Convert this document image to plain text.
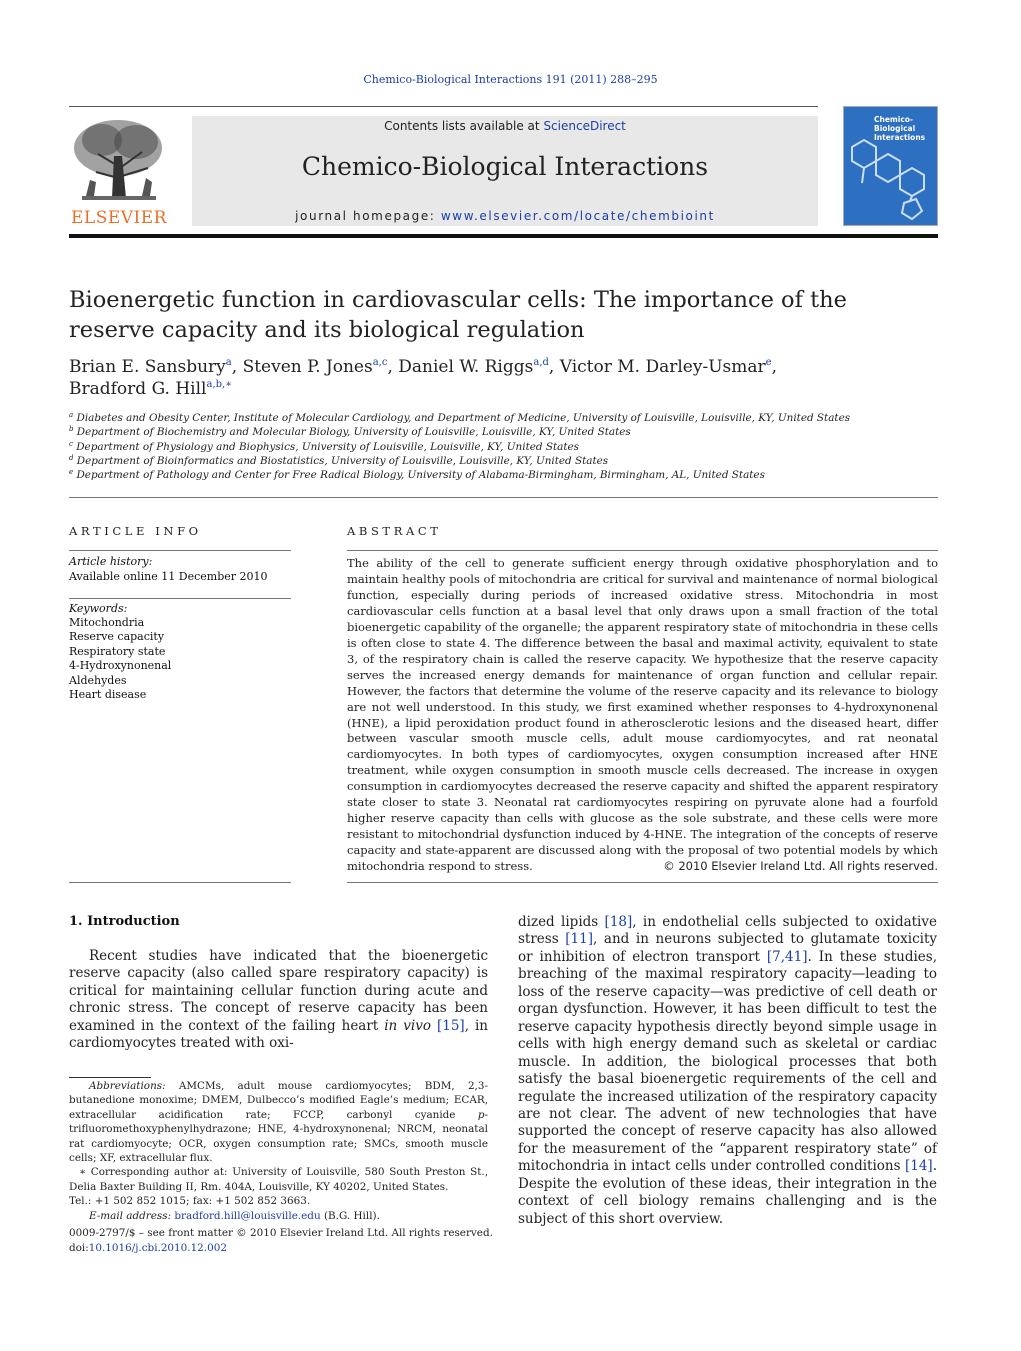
Chemico-Biological Interactions 191 (2011) 288–295
ELSEVIER
Contents lists available at ScienceDirect
Chemico-Biological Interactions
journal homepage: www.elsevier.com/locate/chembioint
Chemico-Biological Interactions
Bioenergetic function in cardiovascular cells: The importance of the reserve capacity and its biological regulation
Brian E. Sansbury$^a$, Steven P. Jones$^{a,c}$, Daniel W. Riggs$^{a,d}$, Victor M. Darley-Usmar$^e$,
Bradford G. Hill$^{a,b,∗}$
$^a$ Diabetes and Obesity Center, Institute of Molecular Cardiology, and Department of Medicine, University of Louisville, Louisville, KY, United States
$^b$ Department of Biochemistry and Molecular Biology, University of Louisville, Louisville, KY, United States
$^c$ Department of Physiology and Biophysics, University of Louisville, Louisville, KY, United States
$^d$ Department of Bioinformatics and Biostatistics, University of Louisville, Louisville, KY, United States
$^e$ Department of Pathology and Center for Free Radical Biology, University of Alabama-Birmingham, Birmingham, AL, United States
ARTICLE INFO	ABSTRACT
Article history:
Available online 11 December 2010
Keywords:
Mitochondria
Reserve capacity
Respiratory state
4-Hydroxynonenal
Aldehydes
Heart disease
The ability of the cell to generate sufficient energy through oxidative phosphorylation and to maintain healthy pools of mitochondria are critical for survival and maintenance of normal biological function, especially during periods of increased oxidative stress. Mitochondria in most cardiovascular cells function at a basal level that only draws upon a small fraction of the total bioenergetic capability of the organelle; the apparent respiratory state of mitochondria in these cells is often close to state 4. The difference between the basal and maximal activity, equivalent to state 3, of the respiratory chain is called the reserve capacity. We hypothesize that the reserve capacity serves the increased energy demands for maintenance of organ function and cellular repair. However, the factors that determine the volume of the reserve capacity and its relevance to biology are not well understood. In this study, we first examined whether responses to 4-hydroxynonenal (HNE), a lipid peroxidation product found in atherosclerotic lesions and the diseased heart, differ between vascular smooth muscle cells, adult mouse cardiomyocytes, and rat neonatal cardiomyocytes. In both types of cardiomyocytes, oxygen consumption increased after HNE treatment, while oxygen consumption in smooth muscle cells decreased. The increase in oxygen consumption in cardiomyocytes decreased the reserve capacity and shifted the apparent respiratory state closer to state 3. Neonatal rat cardiomyocytes respiring on pyruvate alone had a fourfold higher reserve capacity than cells with glucose as the sole substrate, and these cells were more resistant to mitochondrial dysfunction induced by 4-HNE. The integration of the concepts of reserve capacity and state-apparent are discussed along with the proposal of two potential models by which mitochondria respond to stress.	© 2010 Elsevier Ireland Ltd. All rights reserved.
1. Introduction
Recent studies have indicated that the bioenergetic reserve capacity (also called spare respiratory capacity) is critical for maintaining cellular function during acute and chronic stress. The concept of reserve capacity has been examined in the context of the failing heart in vivo [15], in cardiomyocytes treated with oxi-
dized lipids [18], in endothelial cells subjected to oxidative stress [11], and in neurons subjected to glutamate toxicity or inhibition of electron transport [7,41]. In these studies, breaching of the maximal respiratory capacity—leading to loss of the reserve capacity—was predictive of cell death or organ dysfunction. However, it has been difficult to test the reserve capacity hypothesis directly beyond simple usage in cells with high energy demand such as skeletal or cardiac muscle. In addition, the biological processes that both satisfy the basal bioenergetic requirements of the cell and regulate the increased utilization of the respiratory capacity are not clear. The advent of new technologies that have supported the concept of reserve capacity has also allowed for the measurement of the “apparent respiratory state” of mitochondria in intact cells under controlled conditions [14]. Despite the evolution of these ideas, their integration in the context of cell biology remains challenging and is the subject of this short overview.
Abbreviations: AMCMs, adult mouse cardiomyocytes; BDM, 2,3-butanedione monoxime; DMEM, Dulbecco’s modified Eagle’s medium; ECAR, extracellular acidification rate; FCCP, carbonyl cyanide p-trifluoromethoxyphenylhydrazone; HNE, 4-hydroxynonenal; NRCM, neonatal rat cardiomyocyte; OCR, oxygen consumption rate; SMCs, smooth muscle cells; XF, extracellular flux.
∗ Corresponding author at: University of Louisville, 580 South Preston St., Delia Baxter Building II, Rm. 404A, Louisville, KY 40202, United States.
Tel.: +1 502 852 1015; fax: +1 502 852 3663.
E-mail address: bradford.hill@louisville.edu (B.G. Hill).
0009-2797/$ – see front matter © 2010 Elsevier Ireland Ltd. All rights reserved.
doi:10.1016/j.cbi.2010.12.002
